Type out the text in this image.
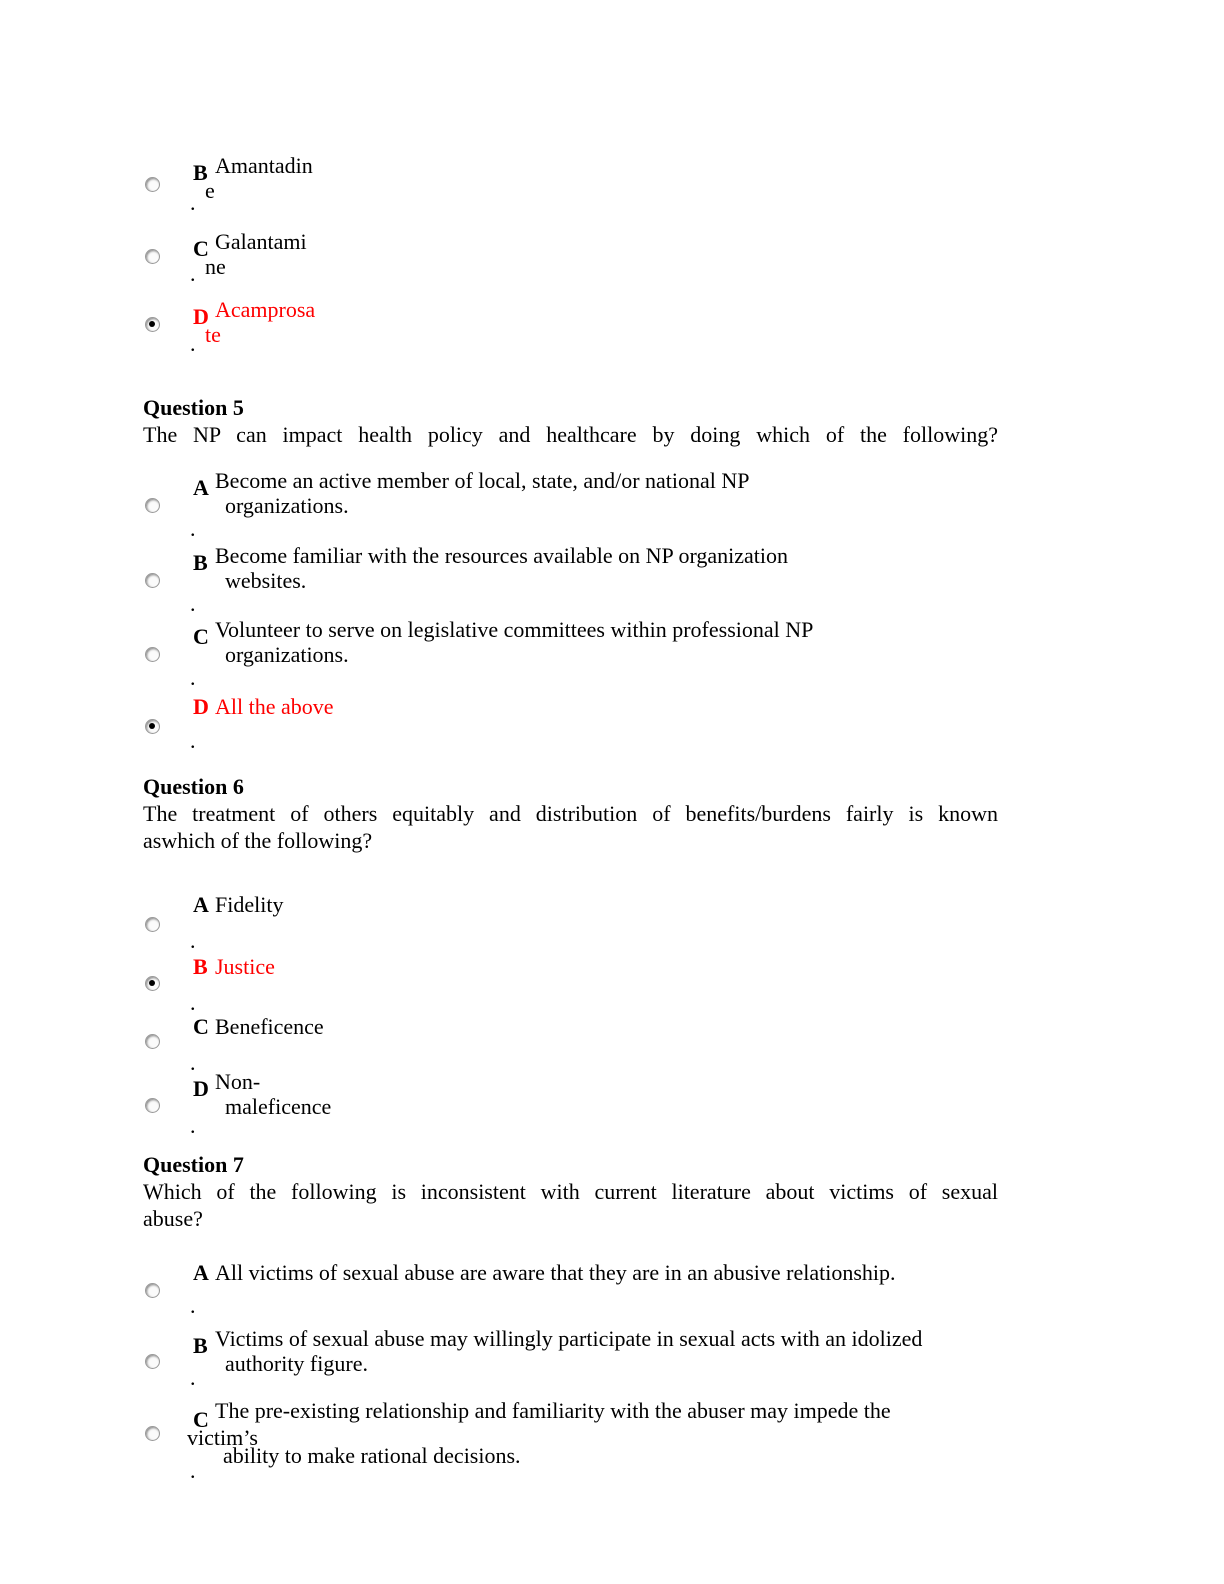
B Amantadin
e
.
C Galantami
ne
.
D Acamprosa
te
.
Question 5
The NP can impact health policy and healthcare by doing which of the following?
A Become an active member of local, state, and/or national NP
organizations.
.
B Become familiar with the resources available on NP organization
websites.
.
C Volunteer to serve on legislative committees within professional NP
organizations.
.
D All the above
.
Question 6
The treatment of others equitably and distribution of benefits/burdens fairly is known
aswhich of the following?
A Fidelity
.
B Justice
.
C Beneficence
.
D Non-
maleficence
.
Question 7
Which of the following is inconsistent with current literature about victims of sexual
abuse?
A All victims of sexual abuse are aware that they are in an abusive relationship.
.
B Victims of sexual abuse may willingly participate in sexual acts with an idolized
authority figure.
.
C The pre-existing relationship and familiarity with the abuser may impede the
victim’s
ability to make rational decisions.
.
